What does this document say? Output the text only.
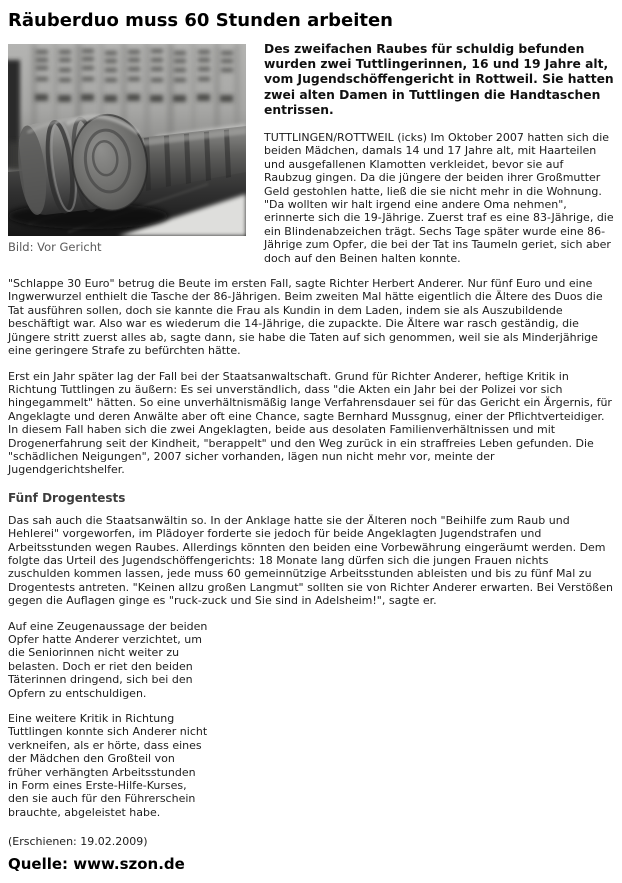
Räuberduo muss 60 Stunden arbeiten
Bild: Vor Gericht

Des zweifachen Raubes für schuldig befunden wurden zwei Tuttlingerinnen, 16 und 19 Jahre alt, vom Jugendschöffengericht in Rottweil. Sie hatten zwei alten Damen in Tuttlingen die Handtaschen entrissen.

TUTTLINGEN/ROTTWEIL (icks) Im Oktober 2007 hatten sich die beiden Mädchen, damals 14 und 17 Jahre alt, mit Haarteilen und ausgefallenen Klamotten verkleidet, bevor sie auf Raubzug gingen. Da die jüngere der beiden ihrer Großmutter Geld gestohlen hatte, ließ die sie nicht mehr in die Wohnung. "Da wollten wir halt irgend eine andere Oma nehmen", erinnerte sich die 19-Jährige. Zuerst traf es eine 83-Jährige, die ein Blindenabzeichen trägt. Sechs Tage später wurde eine 86-Jährige zum Opfer, die bei der Tat ins Taumeln geriet, sich aber doch auf den Beinen halten konnte.

"Schlappe 30 Euro" betrug die Beute im ersten Fall, sagte Richter Herbert Anderer. Nur fünf Euro und eine Ingwerwurzel enthielt die Tasche der 86-Jährigen. Beim zweiten Mal hätte eigentlich die Ältere des Duos die Tat ausführen sollen, doch sie kannte die Frau als Kundin in dem Laden, indem sie als Auszubildende beschäftigt war. Also war es wiederum die 14-Jährige, die zupackte. Die Ältere war rasch geständig, die Jüngere stritt zuerst alles ab, sagte dann, sie habe die Taten auf sich genommen, weil sie als Minderjährige eine geringere Strafe zu befürchten hätte.

Erst ein Jahr später lag der Fall bei der Staatsanwaltschaft. Grund für Richter Anderer, heftige Kritik in Richtung Tuttlingen zu äußern: Es sei unverständlich, dass "die Akten ein Jahr bei der Polizei vor sich hingegammelt" hätten. So eine unverhältnismäßig lange Verfahrensdauer sei für das Gericht ein Ärgernis, für Angeklagte und deren Anwälte aber oft eine Chance, sagte Bernhard Mussgnug, einer der Pflichtverteidiger. In diesem Fall haben sich die zwei Angeklagten, beide aus desolaten Familienverhältnissen und mit Drogenerfahrung seit der Kindheit, "berappelt" und den Weg zurück in ein straffreies Leben gefunden. Die "schädlichen Neigungen", 2007 sicher vorhanden, lägen nun nicht mehr vor, meinte der Jugendgerichtshelfer.

Fünf Drogentests

Das sah auch die Staatsanwältin so. In der Anklage hatte sie der Älteren noch "Beihilfe zum Raub und Hehlerei" vorgeworfen, im Plädoyer forderte sie jedoch für beide Angeklagten Jugendstrafen und Arbeitsstunden wegen Raubes. Allerdings könnten den beiden eine Vorbewährung eingeräumt werden. Dem folgte das Urteil des Jugendschöffengerichts: 18 Monate lang dürfen sich die jungen Frauen nichts zuschulden kommen lassen, jede muss 60 gemeinnützige Arbeitsstunden ableisten und bis zu fünf Mal zu Drogentests antreten. "Keinen allzu großen Langmut" sollten sie von Richter Anderer erwarten. Bei Verstößen gegen die Auflagen ginge es "ruck-zuck und Sie sind in Adelsheim!", sagte er.

Auf eine Zeugenaussage der beiden Opfer hatte Anderer verzichtet, um die Seniorinnen nicht weiter zu belasten. Doch er riet den beiden Täterinnen dringend, sich bei den Opfern zu entschuldigen.

Eine weitere Kritik in Richtung Tuttlingen konnte sich Anderer nicht verkneifen, als er hörte, dass eines der Mädchen den Großteil von früher verhängten Arbeitsstunden in Form eines Erste-Hilfe-Kurses, den sie auch für den Führerschein brauchte, abgeleistet habe.

(Erschienen: 19.02.2009)

Quelle: www.szon.de
